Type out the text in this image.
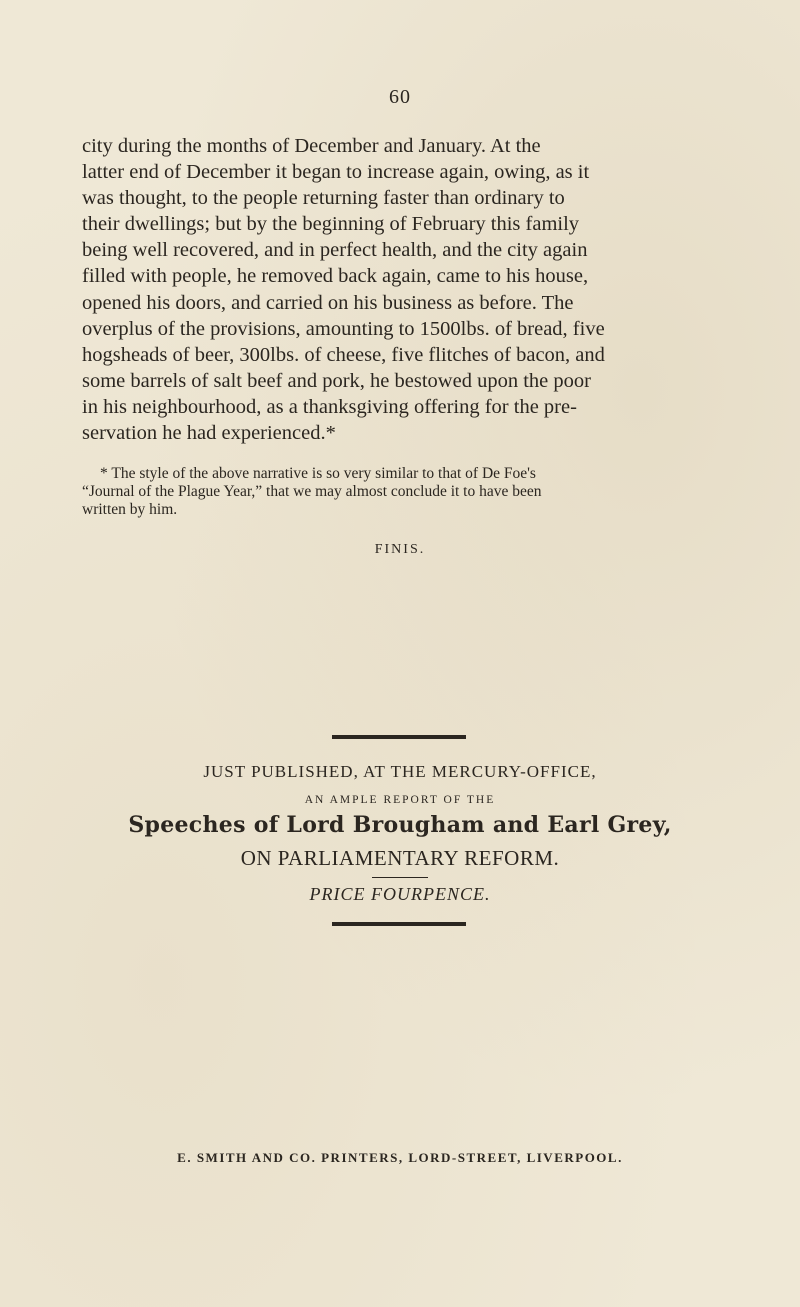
60
city during the months of December and January. At the
latter end of December it began to increase again, owing, as it
was thought, to the people returning faster than ordinary to
their dwellings; but by the beginning of February this family
being well recovered, and in perfect health, and the city again
filled with people, he removed back again, came to his house,
opened his doors, and carried on his business as before. The
overplus of the provisions, amounting to 1500lbs. of bread, five
hogsheads of beer, 300lbs. of cheese, five flitches of bacon, and
some barrels of salt beef and pork, he bestowed upon the poor
in his neighbourhood, as a thanksgiving offering for the pre-
servation he had experienced.*
* The style of the above narrative is so very similar to that of De Foe's
“Journal of the Plague Year,” that we may almost conclude it to have been
written by him.
FINIS.
JUST PUBLISHED, AT THE MERCURY-OFFICE,
AN AMPLE REPORT OF THE
Speeches of Lord Brougham and Earl Grey,
E. SMITH AND CO. PRINTERS, LORD-STREET, LIVERPOOL.
ON PARLIAMENTARY REFORM.
PRICE FOURPENCE.
